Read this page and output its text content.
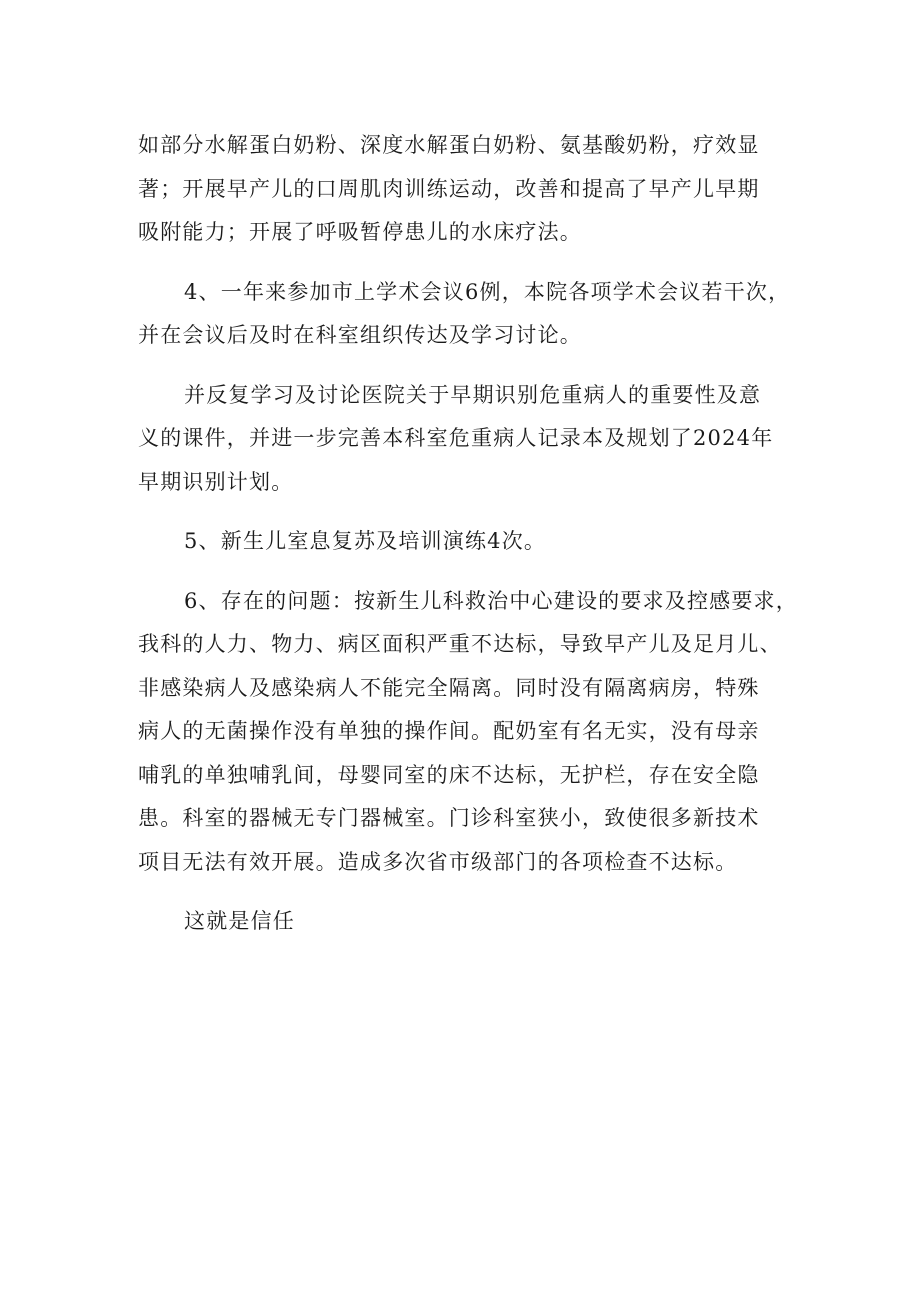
如部分水解蛋白奶粉、深度水解蛋白奶粉、氨基酸奶粉，疗效显
著；开展早产儿的口周肌肉训练运动，改善和提高了早产儿早期
吸附能力；开展了呼吸暂停患儿的水床疗法。

4、一年来参加市上学术会议6例，本院各项学术会议若干次，
并在会议后及时在科室组织传达及学习讨论。

并反复学习及讨论医院关于早期识别危重病人的重要性及意
义的课件，并进一步完善本科室危重病人记录本及规划了2024年
早期识别计划。

5、新生儿室息复苏及培训演练4次。

6、存在的问题：按新生儿科救治中心建设的要求及控感要求，
我科的人力、物力、病区面积严重不达标，导致早产儿及足月儿、
非感染病人及感染病人不能完全隔离。同时没有隔离病房，特殊
病人的无菌操作没有单独的操作间。配奶室有名无实，没有母亲
哺乳的单独哺乳间，母婴同室的床不达标，无护栏，存在安全隐
患。科室的器械无专门器械室。门诊科室狭小，致使很多新技术
项目无法有效开展。造成多次省市级部门的各项检查不达标。

这就是信任
